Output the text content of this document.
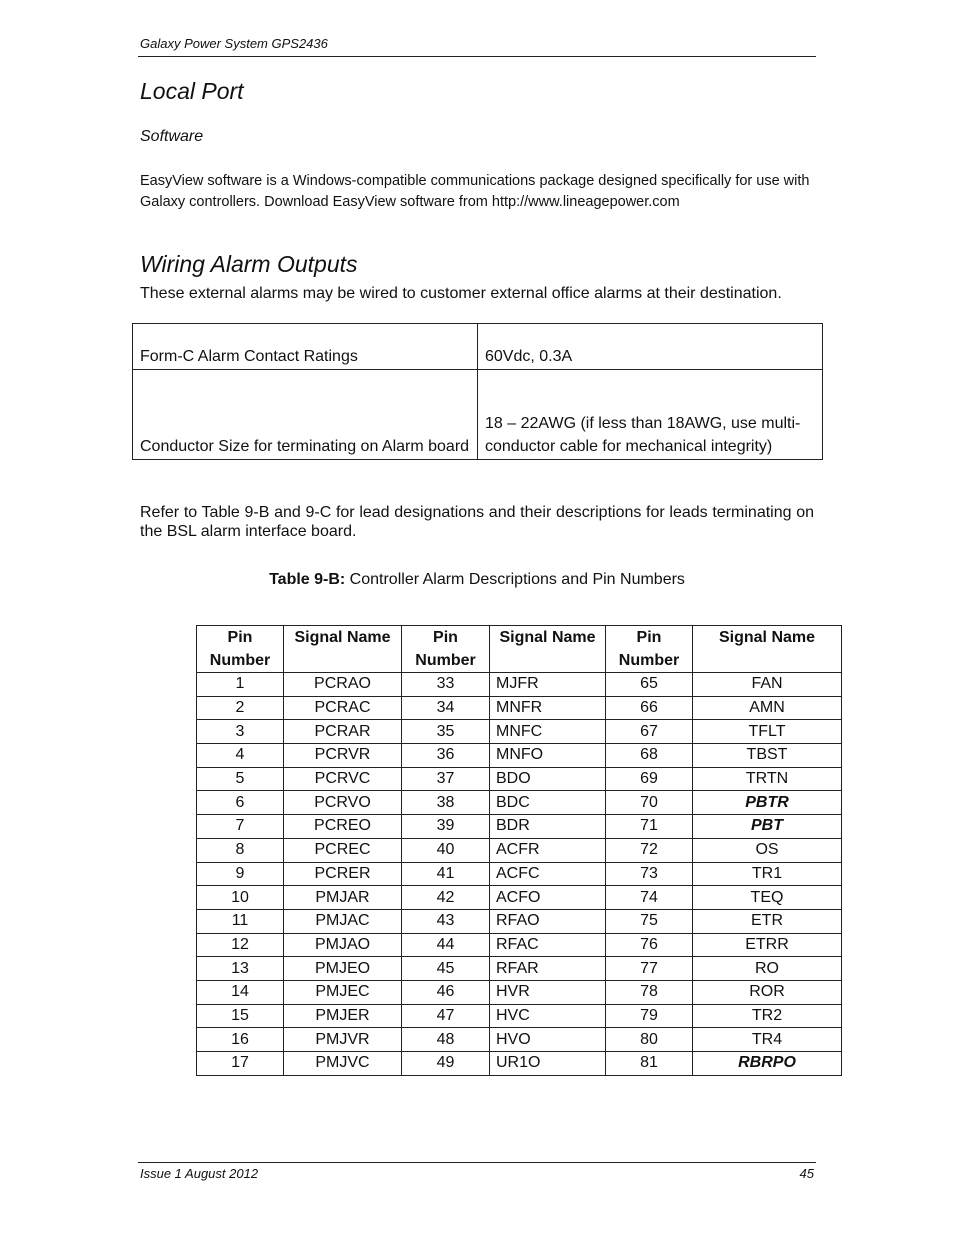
Galaxy Power System GPS2436
Local Port
Software
EasyView software is a Windows-compatible communications package designed specifically for use with Galaxy controllers. Download EasyView software from http://www.lineagepower.com
Wiring Alarm Outputs
These external alarms may be wired to customer external office alarms at their destination.
Form-C Alarm Contact Ratings	60Vdc, 0.3A
Conductor Size for terminating on Alarm board	18 – 22AWG (if less than 18AWG, use multi-conductor cable for mechanical integrity)
Refer to Table 9-B and 9-C for lead designations and their descriptions for leads terminating on the BSL alarm interface board.
Table 9-B: Controller Alarm Descriptions and Pin Numbers
Pin Number	Signal Name	Pin Number	Signal Name	Pin Number	Signal Name
1	PCRAO	33	MJFR	65	FAN
2	PCRAC	34	MNFR	66	AMN
3	PCRAR	35	MNFC	67	TFLT
4	PCRVR	36	MNFO	68	TBST
5	PCRVC	37	BDO	69	TRTN
6	PCRVO	38	BDC	70	PBTR
7	PCREO	39	BDR	71	PBT
8	PCREC	40	ACFR	72	OS
9	PCRER	41	ACFC	73	TR1
10	PMJAR	42	ACFO	74	TEQ
11	PMJAC	43	RFAO	75	ETR
12	PMJAO	44	RFAC	76	ETRR
13	PMJEO	45	RFAR	77	RO
14	PMJEC	46	HVR	78	ROR
15	PMJER	47	HVC	79	TR2
16	PMJVR	48	HVO	80	TR4
17	PMJVC	49	UR1O	81	RBRPO
Issue 1 August 2012	45
